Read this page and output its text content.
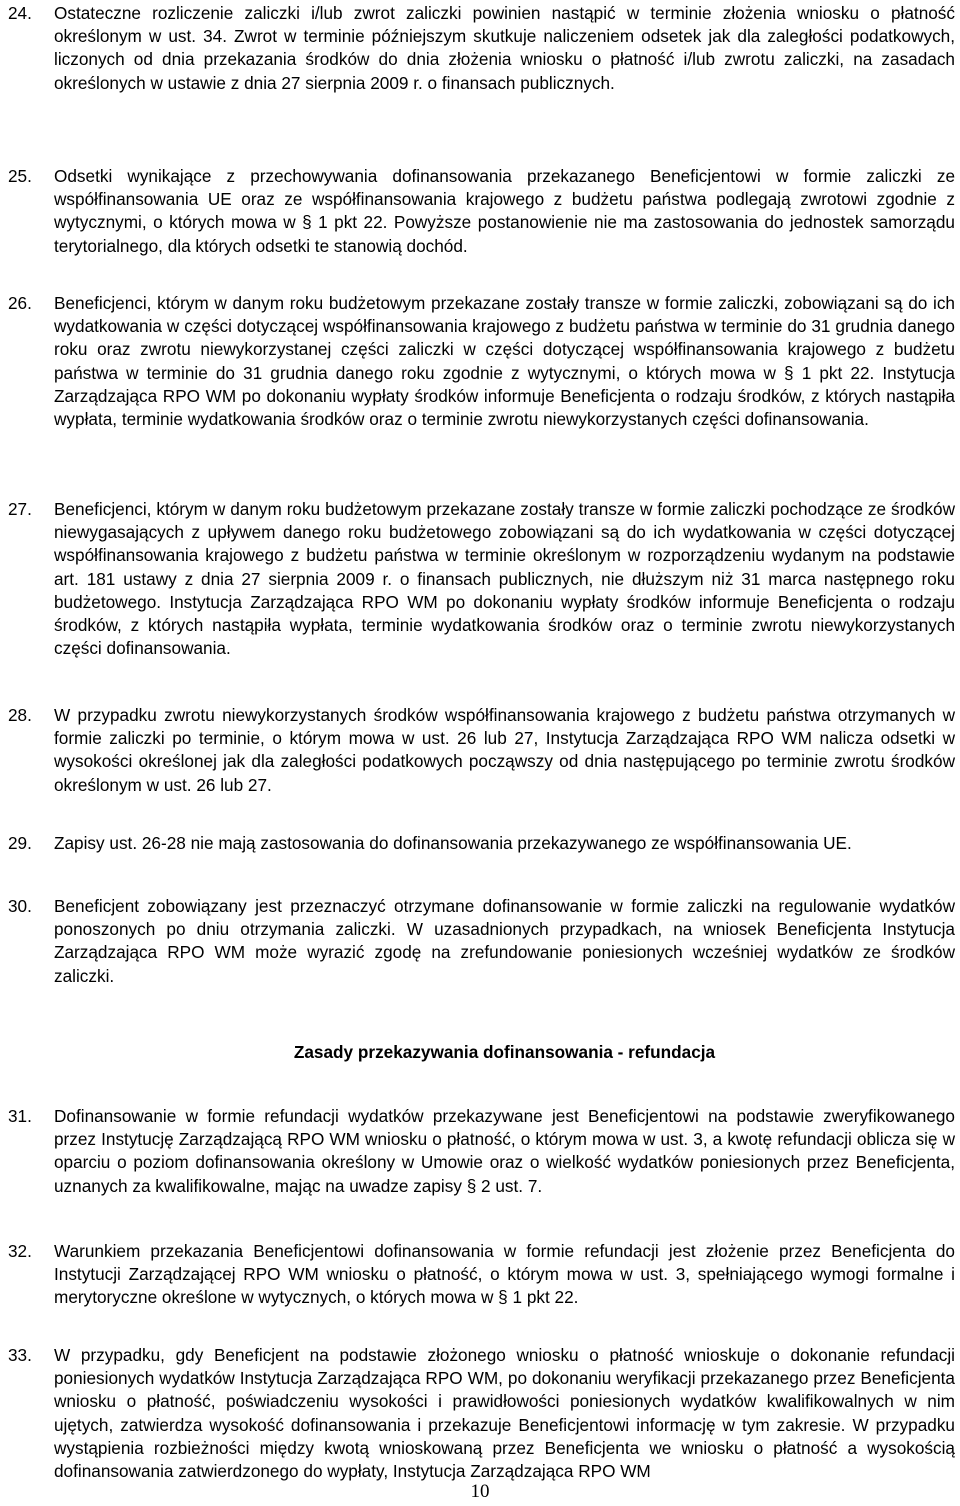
24. Ostateczne rozliczenie zaliczki i/lub zwrot zaliczki powinien nastąpić w terminie złożenia wniosku o płatność określonym w ust. 34. Zwrot w terminie późniejszym skutkuje naliczeniem odsetek jak dla zaległości podatkowych, liczonych od dnia przekazania środków do dnia złożenia wniosku o płatność i/lub zwrotu zaliczki, na zasadach określonych w ustawie z dnia 27 sierpnia 2009 r. o finansach publicznych.
25. Odsetki wynikające z przechowywania dofinansowania przekazanego Beneficjentowi w formie zaliczki ze współfinansowania UE oraz ze współfinansowania krajowego z budżetu państwa podlegają zwrotowi zgodnie z wytycznymi, o których mowa w § 1 pkt 22. Powyższe postanowienie nie ma zastosowania do jednostek samorządu terytorialnego, dla których odsetki te stanowią dochód.
26. Beneficjenci, którym w danym roku budżetowym przekazane zostały transze w formie zaliczki, zobowiązani są do ich wydatkowania w części dotyczącej współfinansowania krajowego z budżetu państwa w terminie do 31 grudnia danego roku oraz zwrotu niewykorzystanej części zaliczki w części dotyczącej współfinansowania krajowego z budżetu państwa w terminie do 31 grudnia danego roku zgodnie z wytycznymi, o których mowa w § 1 pkt 22. Instytucja Zarządzająca RPO WM po dokonaniu wypłaty środków informuje Beneficjenta o rodzaju środków, z których nastąpiła wypłata, terminie wydatkowania środków oraz o terminie zwrotu niewykorzystanych części dofinansowania.
27. Beneficjenci, którym w danym roku budżetowym przekazane zostały transze w formie zaliczki pochodzące ze środków niewygasających z upływem danego roku budżetowego zobowiązani są do ich wydatkowania w części dotyczącej współfinansowania krajowego z budżetu państwa w terminie określonym w rozporządzeniu wydanym na podstawie art. 181 ustawy z dnia 27 sierpnia 2009 r. o finansach publicznych, nie dłuższym niż 31 marca następnego roku budżetowego. Instytucja Zarządzająca RPO WM po dokonaniu wypłaty środków informuje Beneficjenta o rodzaju środków, z których nastąpiła wypłata, terminie wydatkowania środków oraz o terminie zwrotu niewykorzystanych części dofinansowania.
28. W przypadku zwrotu niewykorzystanych środków współfinansowania krajowego z budżetu państwa otrzymanych w formie zaliczki po terminie, o którym mowa w ust. 26 lub 27, Instytucja Zarządzająca RPO WM nalicza odsetki w wysokości określonej jak dla zaległości podatkowych począwszy od dnia następującego po terminie zwrotu środków określonym w ust. 26 lub 27.
29. Zapisy ust. 26-28 nie mają zastosowania do dofinansowania przekazywanego ze współfinansowania UE.
30. Beneficjent zobowiązany jest przeznaczyć otrzymane dofinansowanie w formie zaliczki na regulowanie wydatków ponoszonych po dniu otrzymania zaliczki. W uzasadnionych przypadkach, na wniosek Beneficjenta Instytucja Zarządzająca RPO WM może wyrazić zgodę na zrefundowanie poniesionych wcześniej wydatków ze środków zaliczki.
Zasady przekazywania dofinansowania - refundacja
31. Dofinansowanie w formie refundacji wydatków przekazywane jest Beneficjentowi na podstawie zweryfikowanego przez Instytucję Zarządzającą RPO WM wniosku o płatność, o którym mowa w ust. 3, a kwotę refundacji oblicza się w oparciu o poziom dofinansowania określony w Umowie oraz o wielkość wydatków poniesionych przez Beneficjenta, uznanych za kwalifikowalne, mając na uwadze zapisy § 2 ust. 7.
32. Warunkiem przekazania Beneficjentowi dofinansowania w formie refundacji jest złożenie przez Beneficjenta do Instytucji Zarządzającej RPO WM wniosku o płatność, o którym mowa w ust. 3, spełniającego wymogi formalne i merytoryczne określone w wytycznych, o których mowa w § 1 pkt 22.
33. W przypadku, gdy Beneficjent na podstawie złożonego wniosku o płatność wnioskuje o dokonanie refundacji poniesionych wydatków Instytucja Zarządzająca RPO WM, po dokonaniu weryfikacji przekazanego przez Beneficjenta wniosku o płatność, poświadczeniu wysokości i prawidłowości poniesionych wydatków kwalifikowalnych w nim ujętych, zatwierdza wysokość dofinansowania i przekazuje Beneficjentowi informację w tym zakresie. W przypadku wystąpienia rozbieżności między kwotą wnioskowaną przez Beneficjenta we wniosku o płatność a wysokością dofinansowania zatwierdzonego do wypłaty, Instytucja Zarządzająca RPO WM
10
